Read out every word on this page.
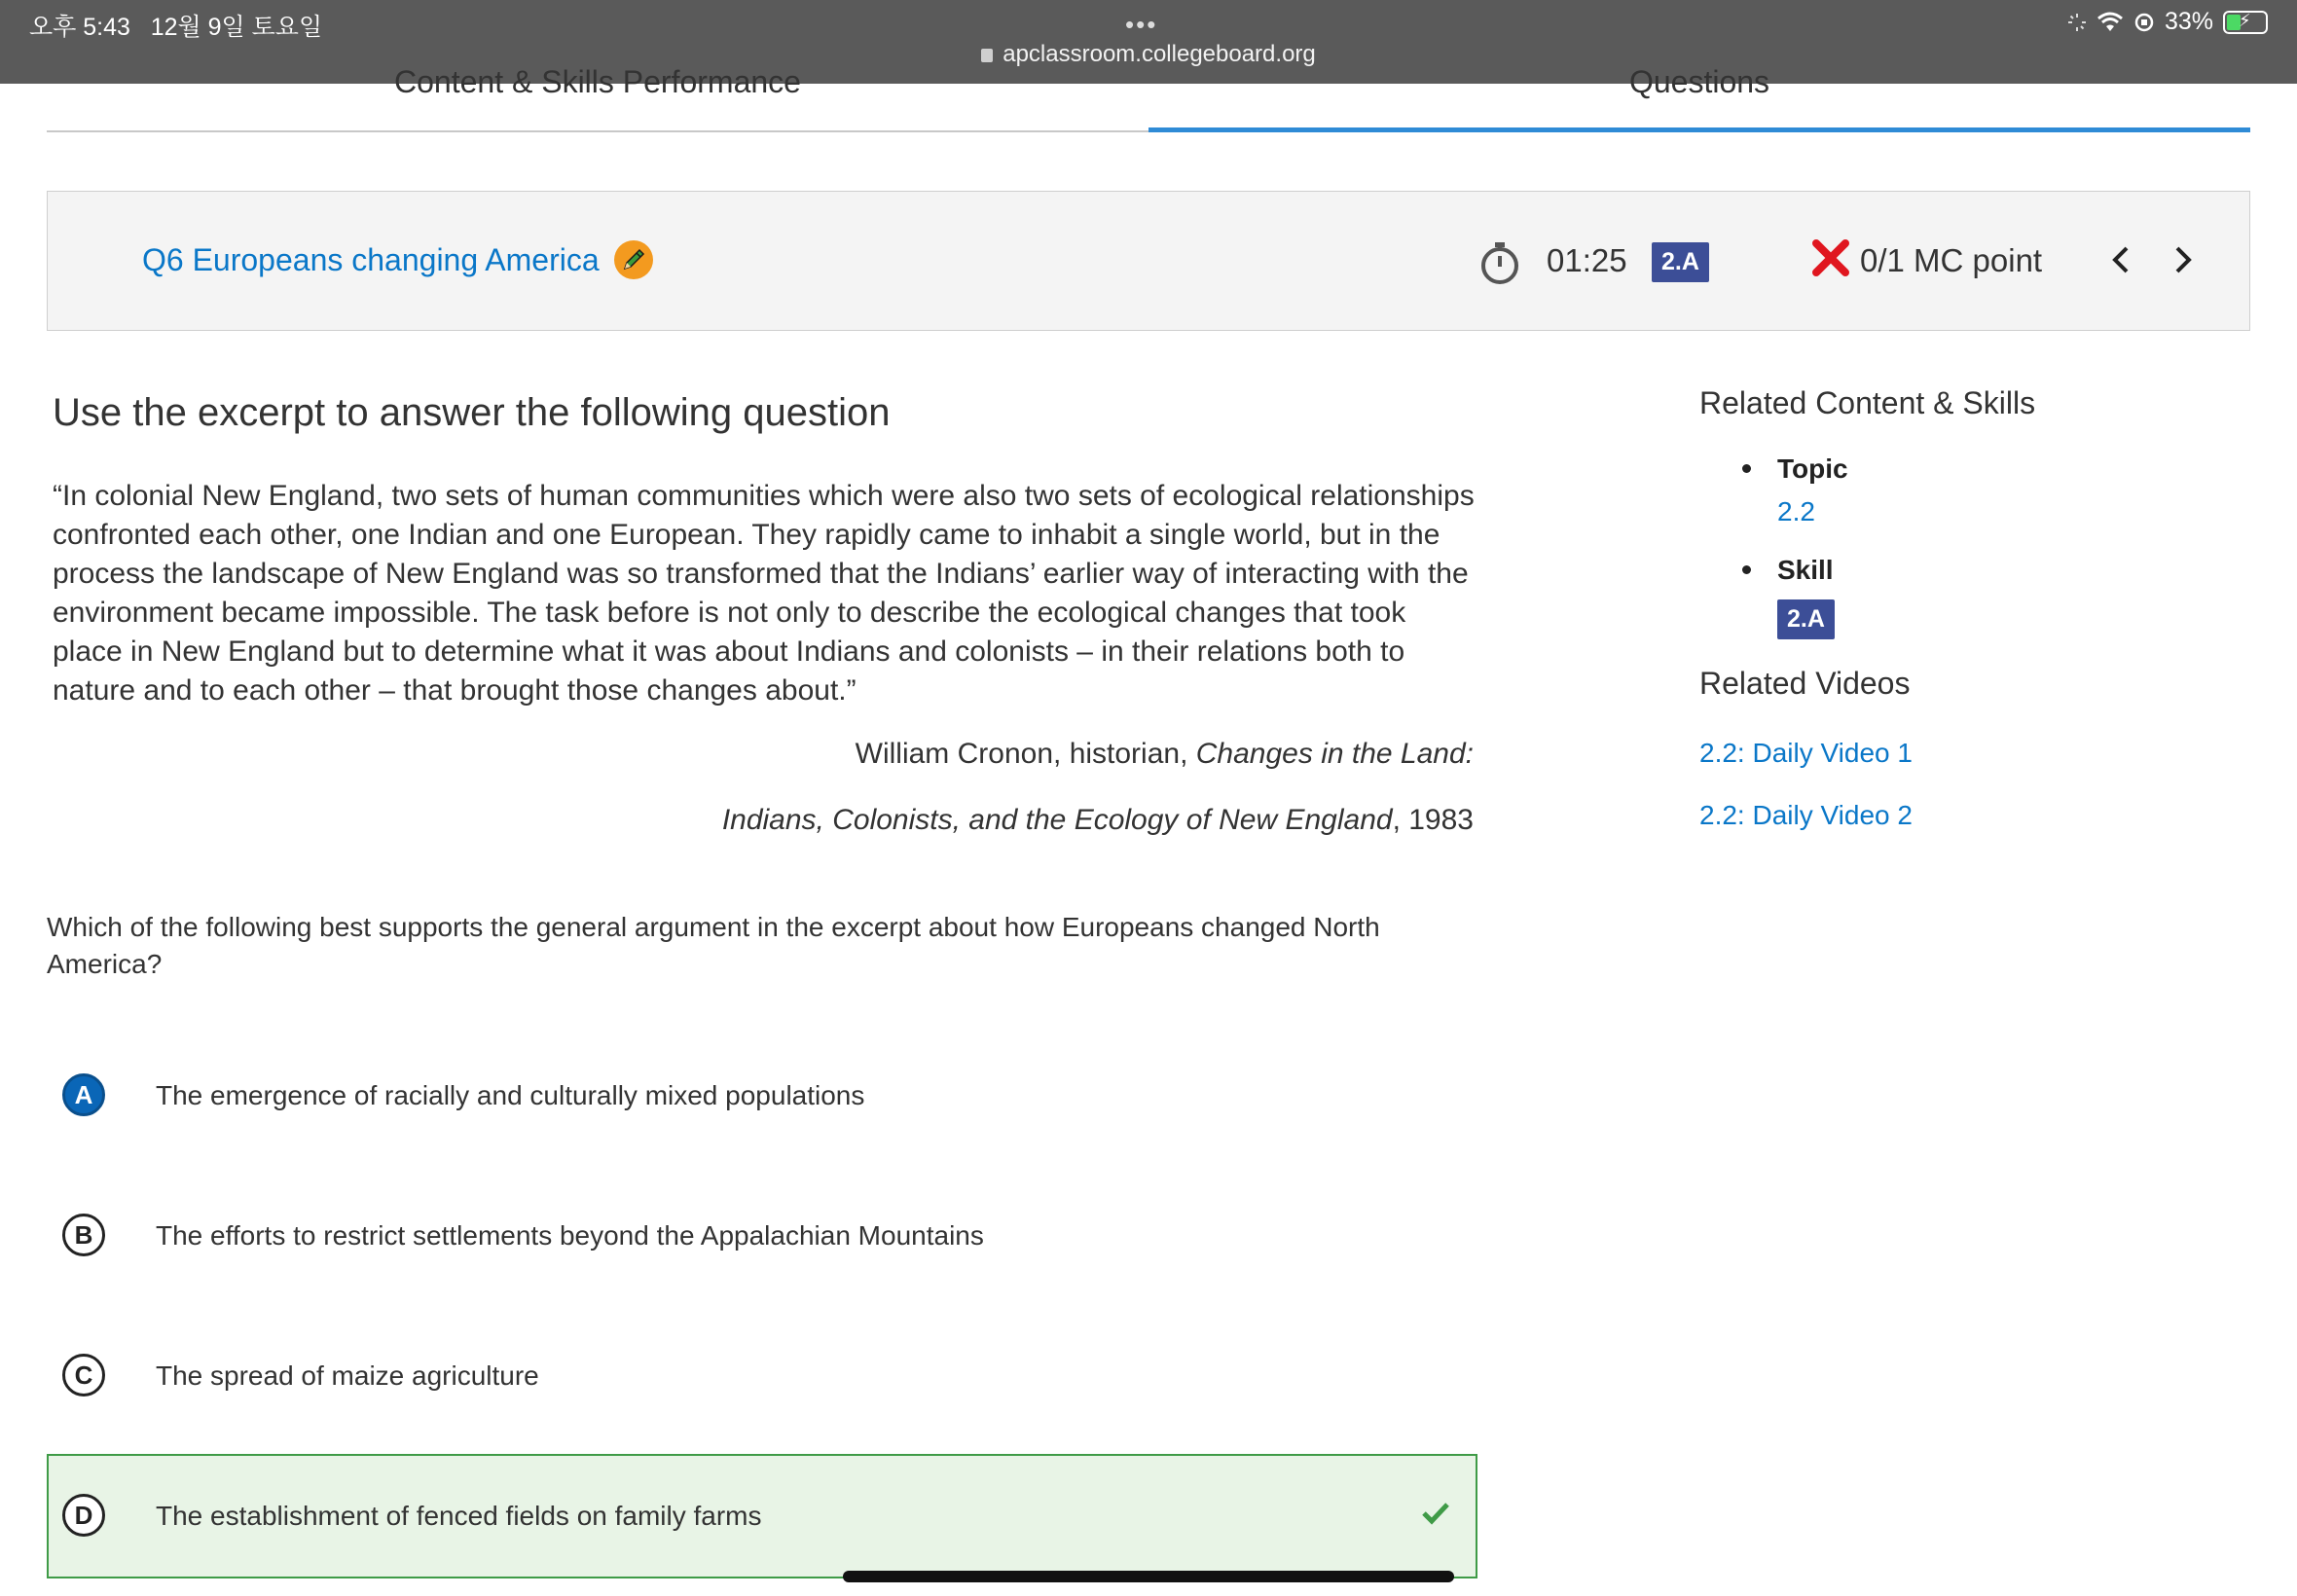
오후 5:43 12월 9일 토요일	•••
apclassroom.collegeboard.org
33% ⚡
Content & Skills Performance	Questions
Q6 Europeans changing America	01:25	2.A	0/1 MC point
Use the excerpt to answer the following question
“In colonial New England, two sets of human communities which were also two sets of ecological relationships confronted each other, one Indian and one European. They rapidly came to inhabit a single world, but in the process the landscape of New England was so transformed that the Indians’ earlier way of interacting with the environment became impossible. The task before is not only to describe the ecological changes that took place in New England but to determine what it was about Indians and colonists – in their relations both to nature and to each other – that brought those changes about.”
William Cronon, historian, Changes in the Land:
Indians, Colonists, and the Ecology of New England, 1983
Which of the following best supports the general argument in the excerpt about how Europeans changed North America?
A	The emergence of racially and culturally mixed populations
B	The efforts to restrict settlements beyond the Appalachian Mountains
C	The spread of maize agriculture
D	The establishment of fenced fields on family farms
Related Content & Skills
Topic
2.2
Skill
2.A
Related Videos
2.2: Daily Video 1
2.2: Daily Video 2
